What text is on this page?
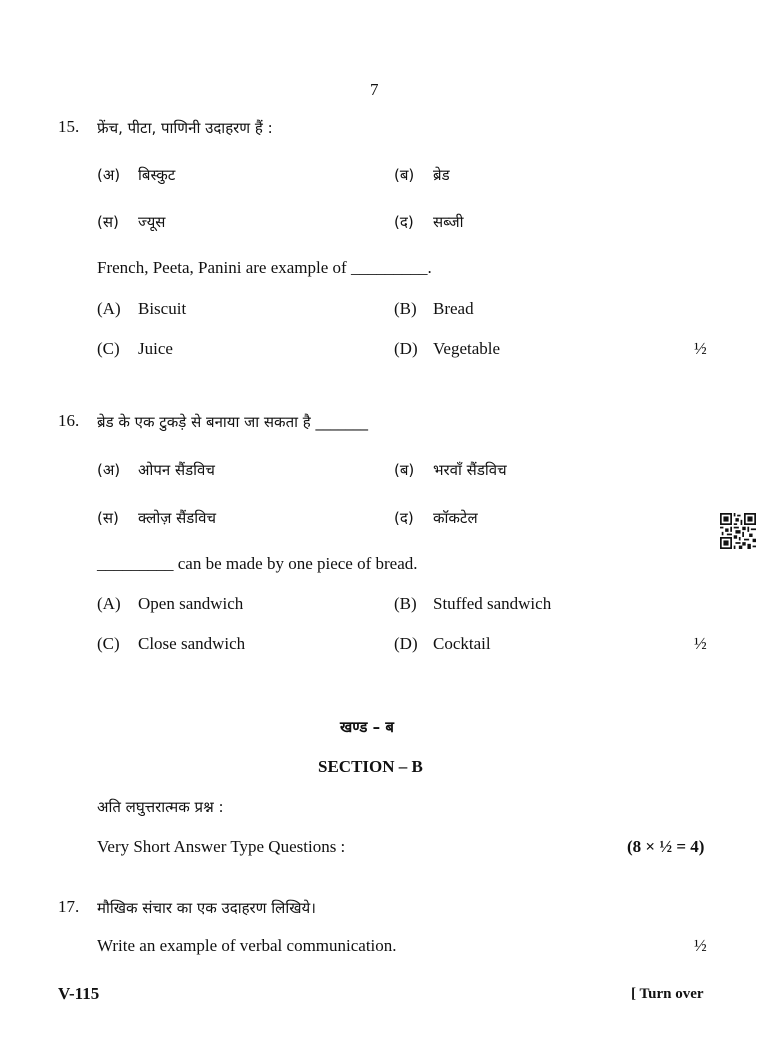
7
15. फ्रेंच, पीटा, पाणिनी उदाहरण हैं :
(अ) बिस्कुट	(ब) ब्रेड
(स) ज्यूस	(द) सब्जी
French, Peeta, Panini are example of _________.
(A) Biscuit	(B) Bread
(C) Juice	(D) Vegetable	½
16. ब्रेड के एक टुकड़े से बनाया जा सकता है _______
(अ) ओपन सैंडविच	(ब) भरवाँ सैंडविच
(स) क्लोज़ सैंडविच	(द) कॉकटेल
_________ can be made by one piece of bread.
(A) Open sandwich	(B) Stuffed sandwich
(C) Close sandwich	(D) Cocktail	½
खण्ड – ब
SECTION – B
अति लघुत्तरात्मक प्रश्न :
Very Short Answer Type Questions :	(8 × ½ = 4)
17. मौखिक संचार का एक उदाहरण लिखिये।
Write an example of verbal communication.	½
V-115	[ Turn over
